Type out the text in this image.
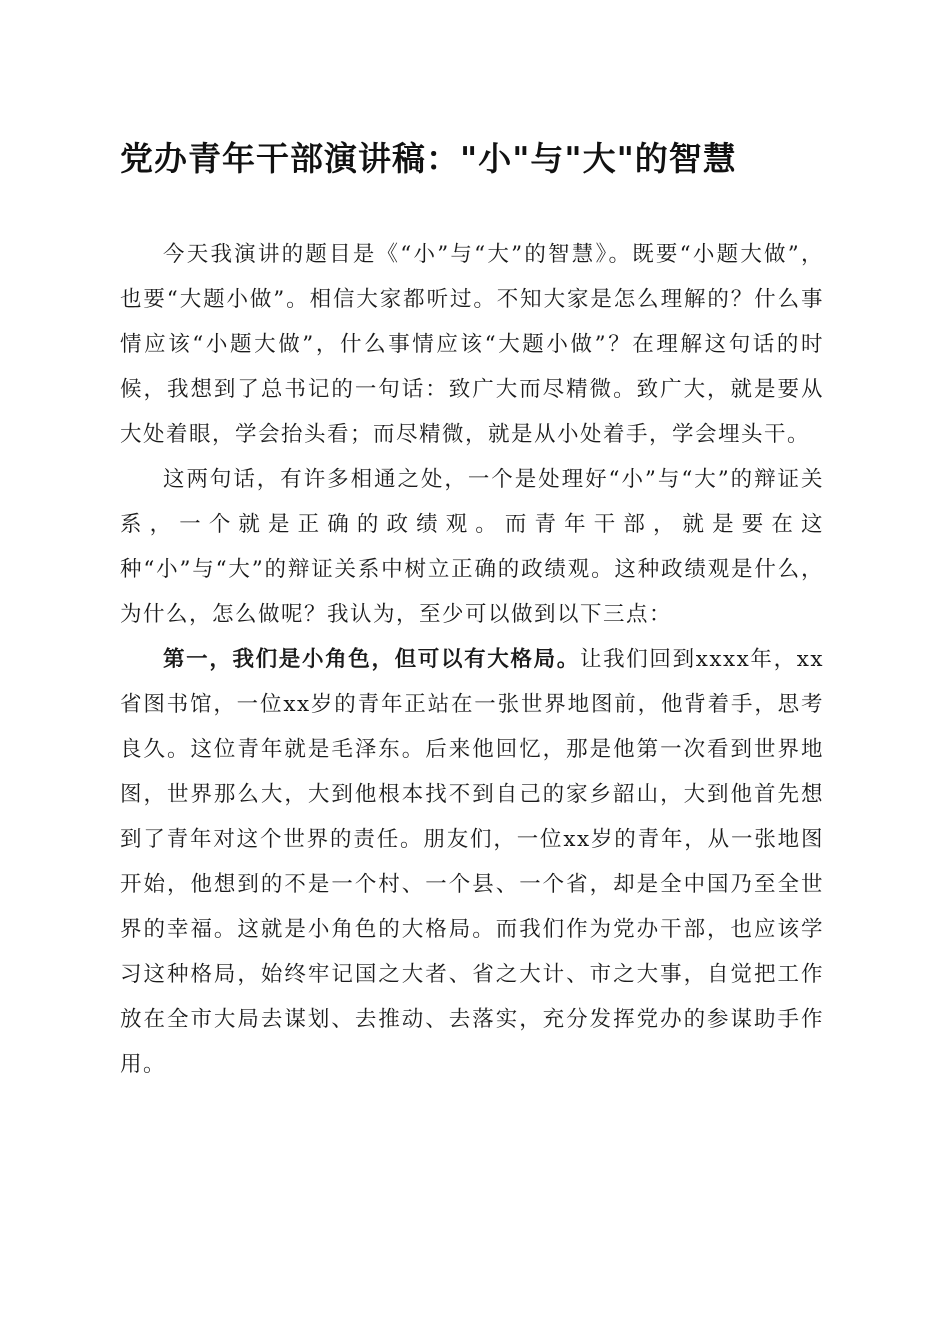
党办青年干部演讲稿："小"与"大"的智慧

今天我演讲的题目是《“小”与“大”的智慧》。既要“小题大做”，也要“大题小做”。相信大家都听过。不知大家是怎么理解的？什么事情应该“小题大做”，什么事情应该“大题小做”？在理解这句话的时候，我想到了总书记的一句话：致广大而尽精微。致广大，就是要从大处着眼，学会抬头看；而尽精微，就是从小处着手，学会埋头干。

这两句话，有许多相通之处，一个是处理好“小”与“大”的辩证关系，一个就是正确的政绩观。而青年干部，就是要在这种“小”与“大”的辩证关系中树立正确的政绩观。这种政绩观是什么，为什么，怎么做呢？我认为，至少可以做到以下三点：

第一，我们是小角色，但可以有大格局。让我们回到xxxx年，xx省图书馆，一位xx岁的青年正站在一张世界地图前，他背着手，思考良久。这位青年就是毛泽东。后来他回忆，那是他第一次看到世界地图，世界那么大，大到他根本找不到自己的家乡韶山，大到他首先想到了青年对这个世界的责任。朋友们，一位xx岁的青年，从一张地图开始，他想到的不是一个村、一个县、一个省，却是全中国乃至全世界的幸福。这就是小角色的大格局。而我们作为党办干部，也应该学习这种格局，始终牢记国之大者、省之大计、市之大事，自觉把工作放在全市大局去谋划、去推动、去落实，充分发挥党办的参谋助手作用。
